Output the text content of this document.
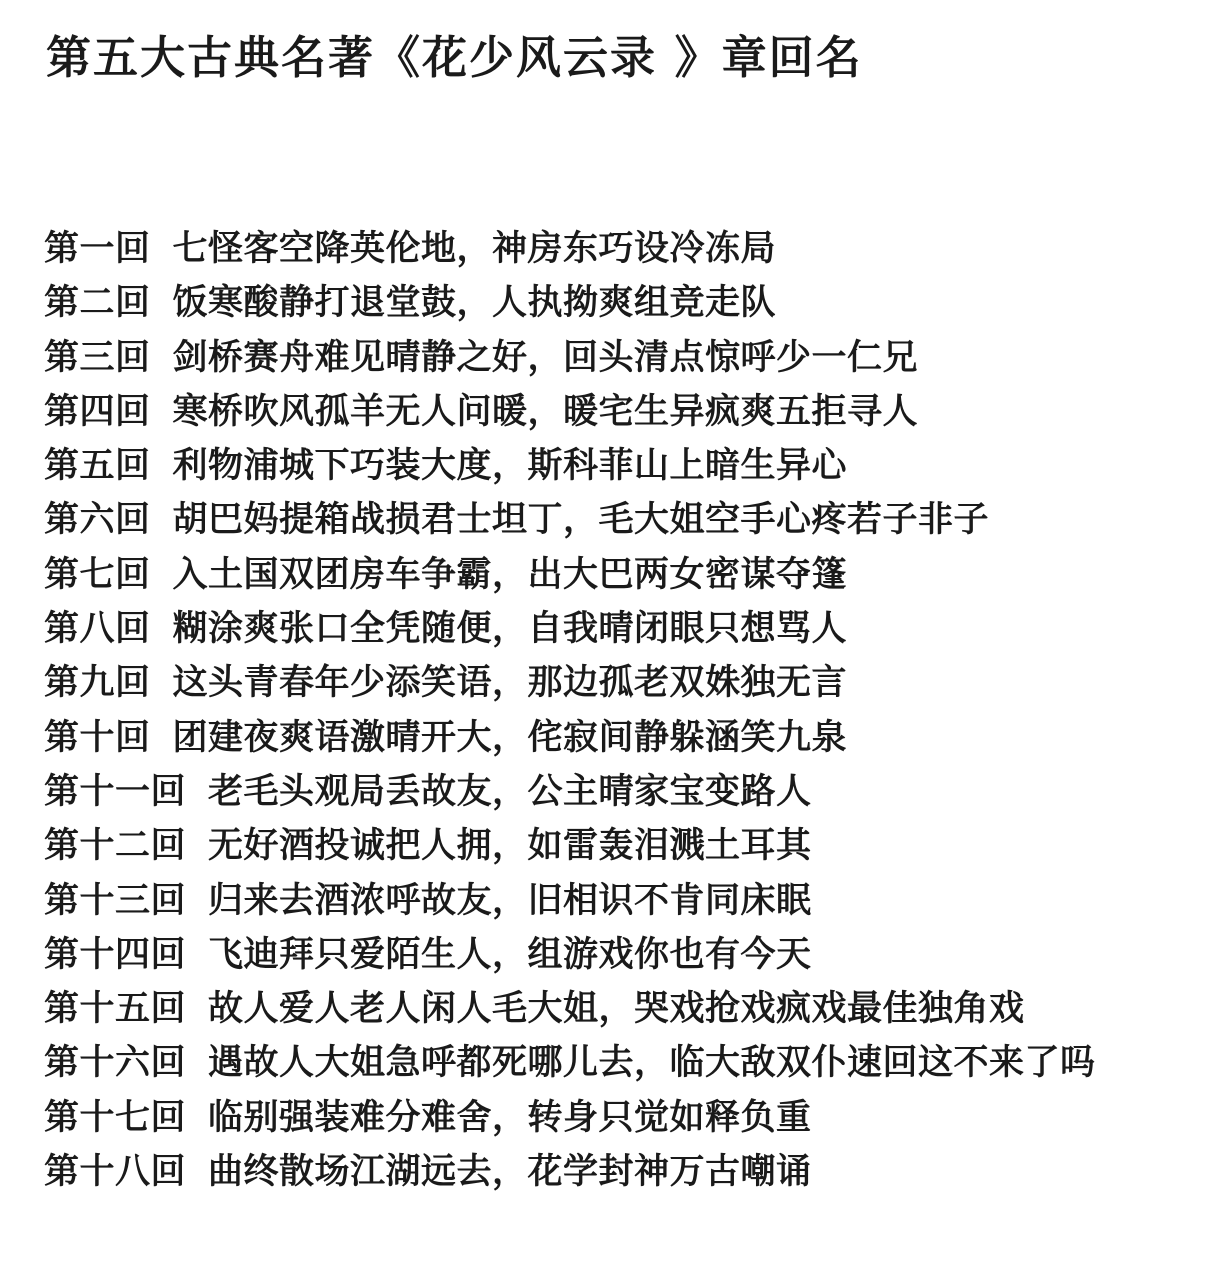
第五大古典名著《花少风云录 》章回名
第一回 七怪客空降英伦地，神房东巧设冷冻局
第二回 饭寒酸静打退堂鼓，人执拗爽组竞走队
第三回 剑桥赛舟难见晴静之好，回头清点惊呼少一仁兄
第四回 寒桥吹风孤羊无人问暖，暖宅生异疯爽五拒寻人
第五回 利物浦城下巧装大度，斯科菲山上暗生异心
第六回 胡巴妈提箱战损君士坦丁，毛大姐空手心疼若子非子
第七回 入土国双团房车争霸，出大巴两女密谋夺篷
第八回 糊涂爽张口全凭随便，自我晴闭眼只想骂人
第九回 这头青春年少添笑语，那边孤老双姝独无言
第十回 团建夜爽语激晴开大，侘寂间静躲涵笑九泉
第十一回 老毛头观局丢故友，公主晴家宝变路人
第十二回 无好酒投诚把人拥，如雷轰泪溅土耳其
第十三回 归来去酒浓呼故友，旧相识不肯同床眠
第十四回 飞迪拜只爱陌生人，组游戏你也有今天
第十五回 故人爱人老人闲人毛大姐，哭戏抢戏疯戏最佳独角戏
第十六回 遇故人大姐急呼都死哪儿去，临大敌双仆速回这不来了吗
第十七回 临别强装难分难舍，转身只觉如释负重
第十八回 曲终散场江湖远去，花学封神万古嘲诵
